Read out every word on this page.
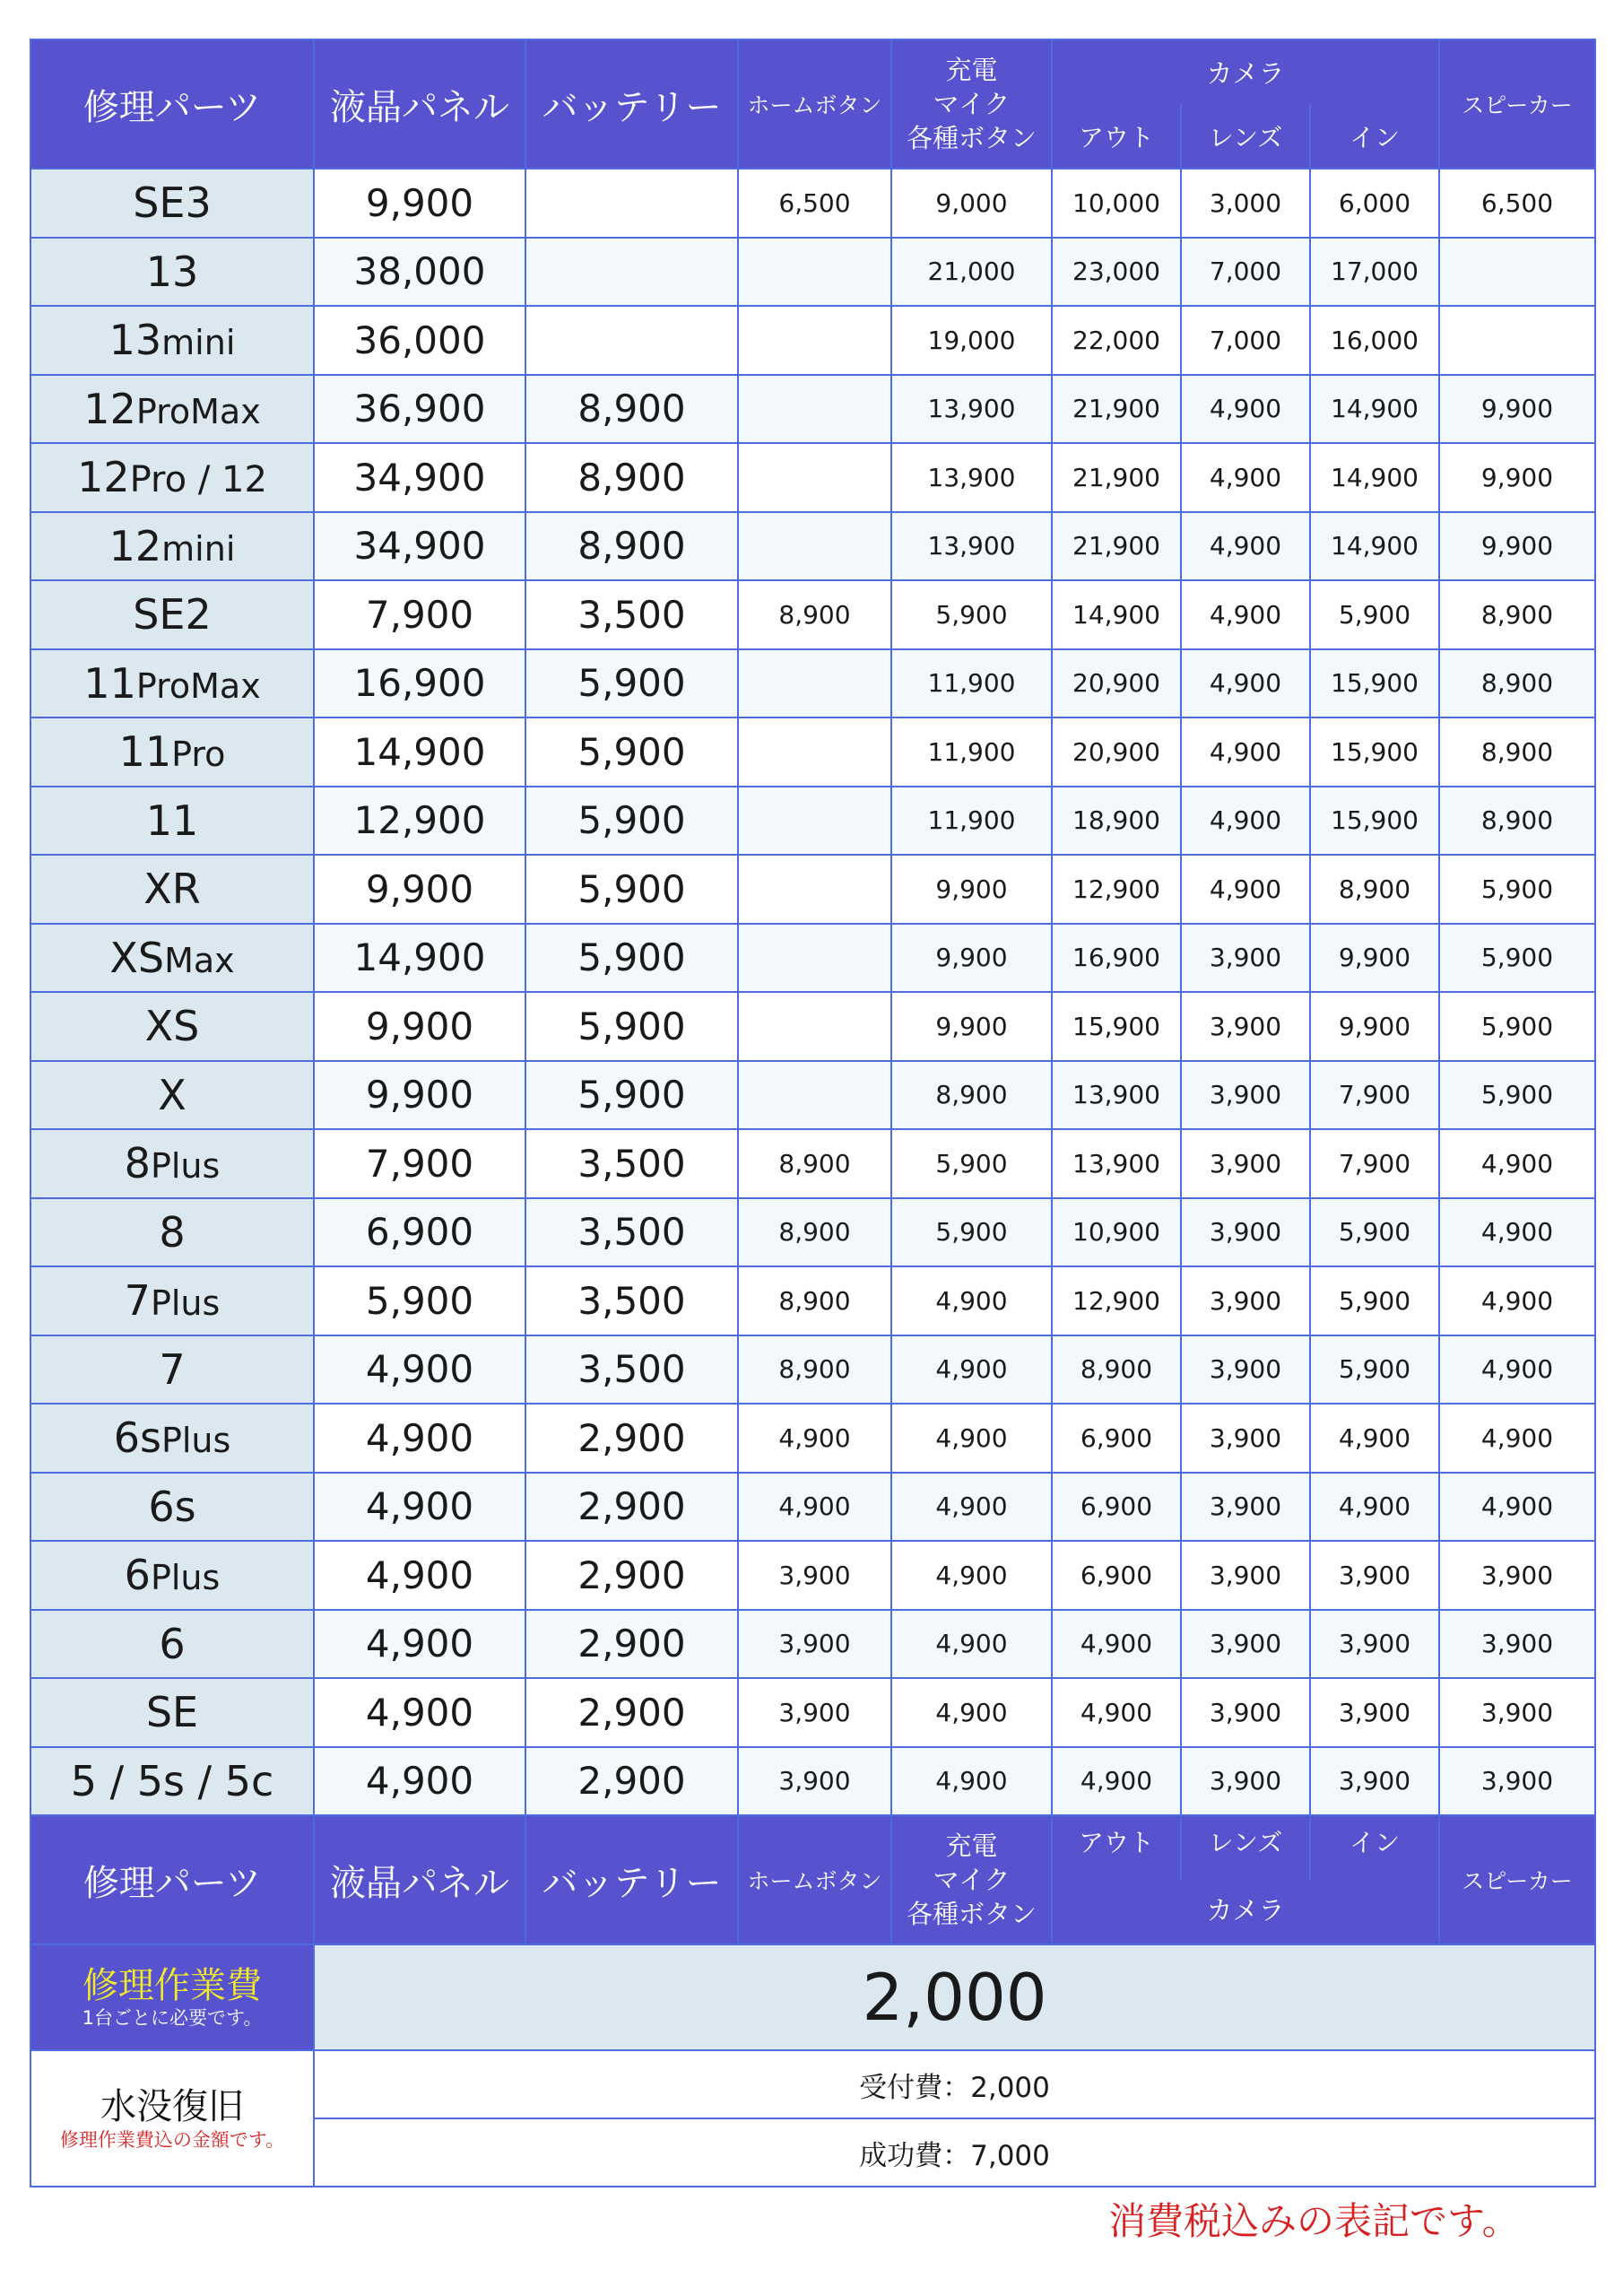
修理パーツ	液晶パネル	バッテリー	ホームボタン	充電
マイク
各種ボタン	カメラ			スピーカー
					アウト	レンズ	イン	
SE3	9,900		6,500	9,000	10,000	3,000	6,000	6,500
13	38,000			21,000	23,000	7,000	17,000	
13mini	36,000			19,000	22,000	7,000	16,000	
12ProMax	36,900	8,900		13,900	21,900	4,900	14,900	9,900
12Pro / 12	34,900	8,900		13,900	21,900	4,900	14,900	9,900
12mini	34,900	8,900		13,900	21,900	4,900	14,900	9,900
SE2	7,900	3,500	8,900	5,900	14,900	4,900	5,900	8,900
11ProMax	16,900	5,900		11,900	20,900	4,900	15,900	8,900
11Pro	14,900	5,900		11,900	20,900	4,900	15,900	8,900
11	12,900	5,900		11,900	18,900	4,900	15,900	8,900
XR	9,900	5,900		9,900	12,900	4,900	8,900	5,900
XSMax	14,900	5,900		9,900	16,900	3,900	9,900	5,900
XS	9,900	5,900		9,900	15,900	3,900	9,900	5,900
X	9,900	5,900		8,900	13,900	3,900	7,900	5,900
8Plus	7,900	3,500	8,900	5,900	13,900	3,900	7,900	4,900
8	6,900	3,500	8,900	5,900	10,900	3,900	5,900	4,900
7Plus	5,900	3,500	8,900	4,900	12,900	3,900	5,900	4,900
7	4,900	3,500	8,900	4,900	8,900	3,900	5,900	4,900
6sPlus	4,900	2,900	4,900	4,900	6,900	3,900	4,900	4,900
6s	4,900	2,900	4,900	4,900	6,900	3,900	4,900	4,900
6Plus	4,900	2,900	3,900	4,900	6,900	3,900	3,900	3,900
6	4,900	2,900	3,900	4,900	4,900	3,900	3,900	3,900
SE	4,900	2,900	3,900	4,900	4,900	3,900	3,900	3,900
5 / 5s / 5c	4,900	2,900	3,900	4,900	4,900	3,900	3,900	3,900
修理パーツ	液晶パネル	バッテリー	ホームボタン	充電
マイク
各種ボタン	アウト	レンズ	イン	スピーカー
					カメラ			

修理作業費
1台ごとに必要です。	2,000							

水没復旧
修理作業費込の金額です。	受付費：2,000							
	成功費：7,000							
消費税込みの表記です。
